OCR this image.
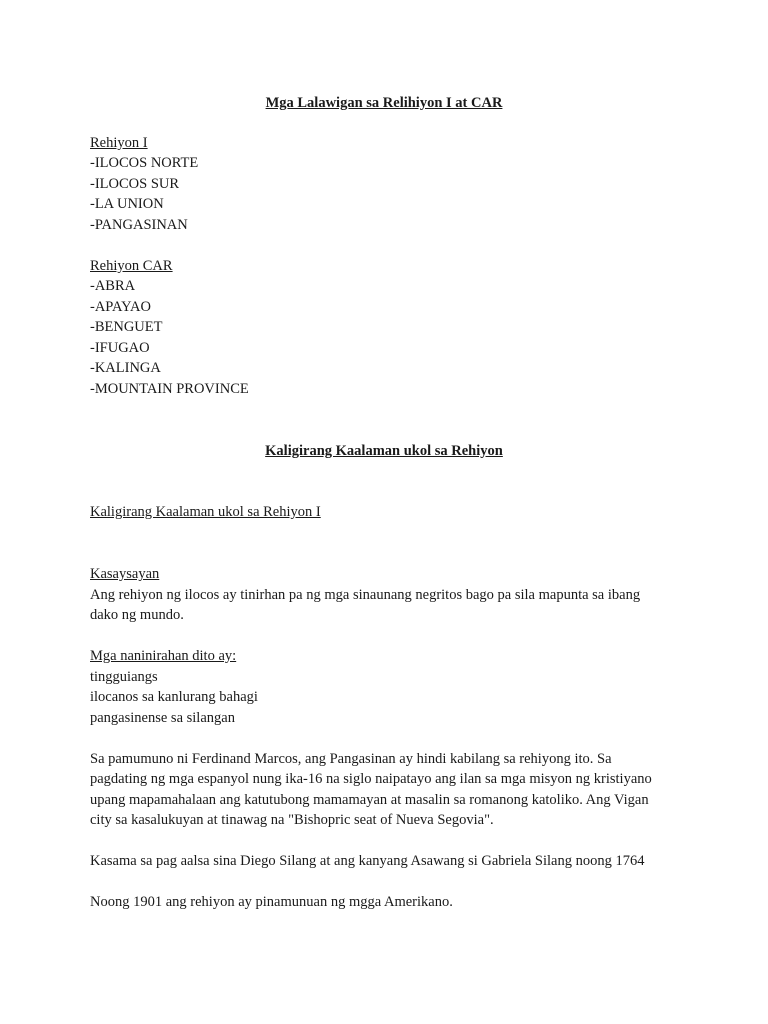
Mga Lalawigan sa Relihiyon I at CAR
Rehiyon I
-ILOCOS NORTE
-ILOCOS SUR
-LA UNION
-PANGASINAN
Rehiyon CAR
-ABRA
-APAYAO
-BENGUET
-IFUGAO
-KALINGA
-MOUNTAIN PROVINCE
Kaligirang Kaalaman ukol sa Rehiyon
Kaligirang Kaalaman ukol sa Rehiyon I
Kasaysayan
Ang rehiyon ng ilocos ay tinirhan pa ng mga sinaunang negritos bago pa sila mapunta sa ibang
dako ng mundo.
Mga naninirahan dito ay:
tingguiangs
ilocanos sa kanlurang bahagi
pangasinense sa silangan
Sa pamumuno ni Ferdinand Marcos, ang Pangasinan ay hindi kabilang sa rehiyong ito. Sa
pagdating ng mga espanyol nung ika-16 na siglo naipatayo ang ilan sa mga misyon ng kristiyano
upang mapamahalaan ang katutubong mamamayan at masalin sa romanong katoliko. Ang Vigan
city sa kasalukuyan at tinawag na "Bishopric seat of Nueva Segovia".
Kasama sa pag aalsa sina Diego Silang at ang kanyang Asawang si Gabriela Silang noong 1764
Noong 1901 ang rehiyon ay pinamunuan ng mgga Amerikano.
